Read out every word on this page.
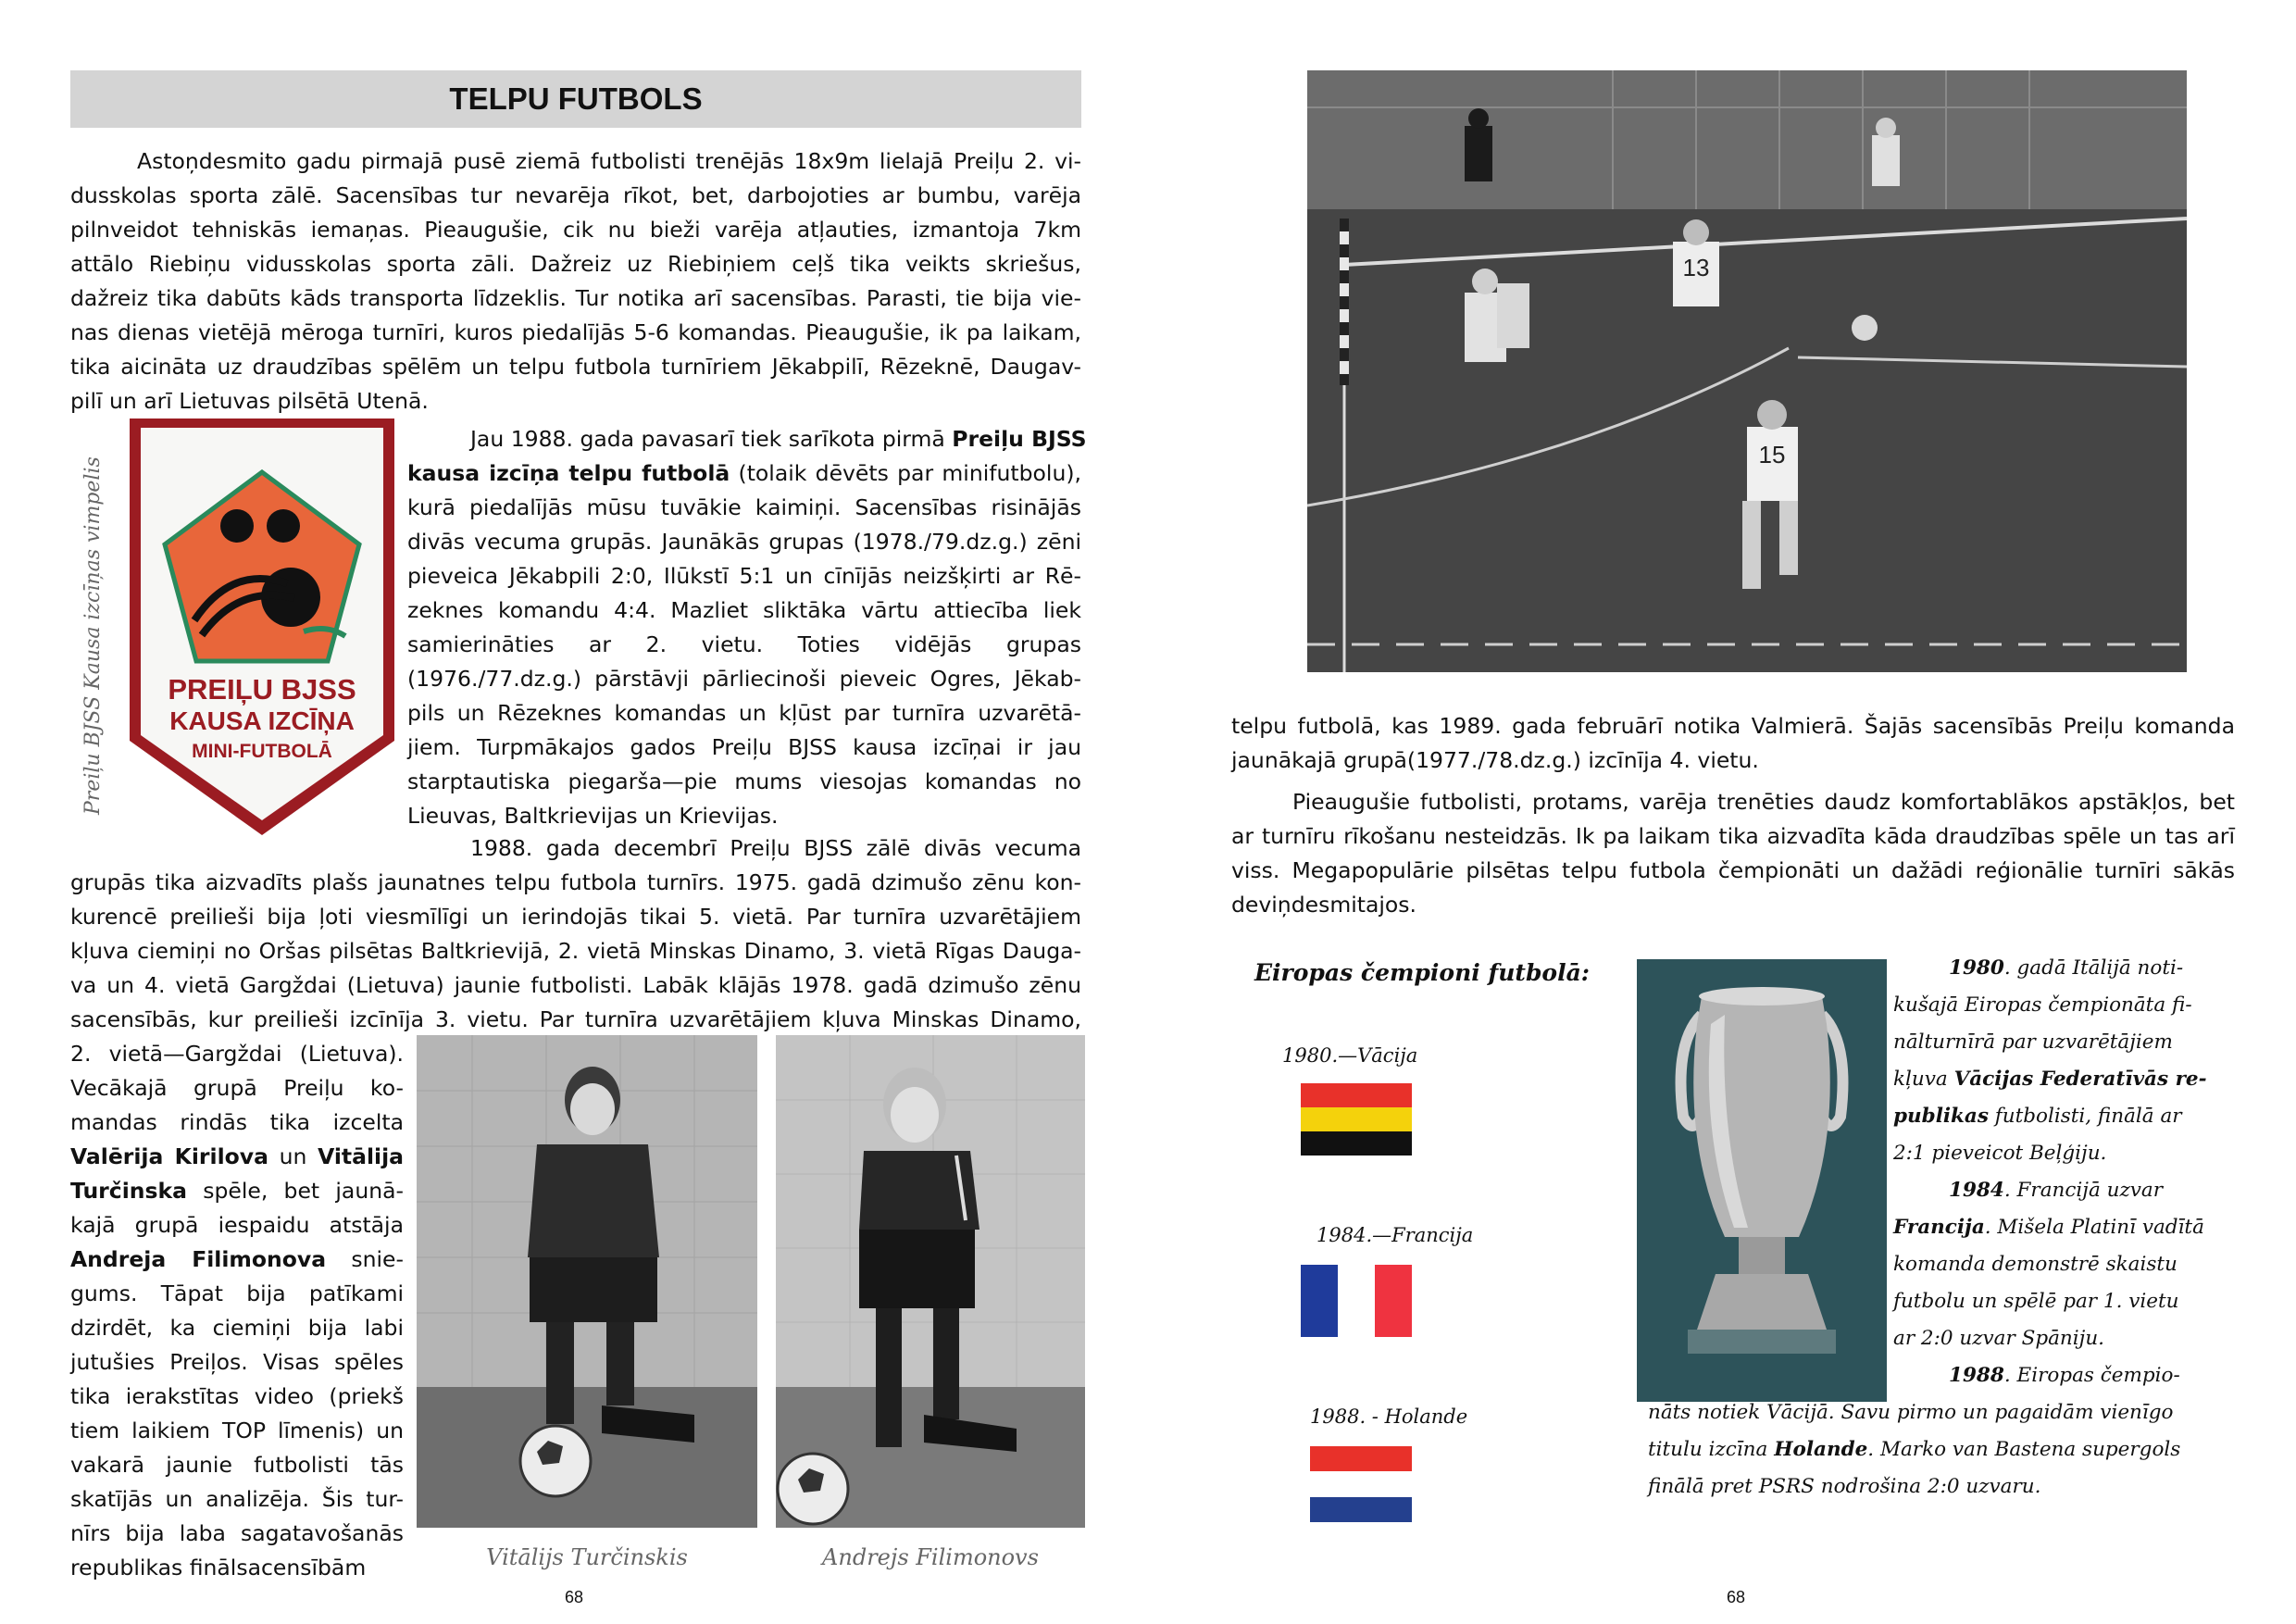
TELPU FUTBOLS
Astoņdesmito gadu pirmajā pusē ziemā futbolisti trenējās 18x9m lielajā Preiļu 2. vi-
dusskolas sporta zālē. Sacensības tur nevarēja rīkot, bet, darbojoties ar bumbu, varēja
pilnveidot tehniskās iemaņas. Pieaugušie, cik nu bieži varēja atļauties, izmantoja 7km
attālo Riebiņu vidusskolas sporta zāli. Dažreiz uz Riebiņiem ceļš tika veikts skriešus,
dažreiz tika dabūts kāds transporta līdzeklis. Tur notika arī sacensības. Parasti, tie bija vie-
nas dienas vietējā mēroga turnīri, kuros piedalījās 5-6 komandas. Pieaugušie, ik pa laikam,
tika aicināta uz draudzības spēlēm un telpu futbola turnīriem Jēkabpilī, Rēzeknē, Daugav-
pilī un arī Lietuvas pilsētā Utenā.
Preiļu BJSS Kausa izcīņas vimpelis PREIĻU BJSS
KAUSA IZCĪŅA
MINI-FUTBOLĀ
Jau 1988. gada pavasarī tiek sarīkota pirmā Preiļu BJSS
kausa izcīņa telpu futbolā (tolaik dēvēts par minifutbolu),
kurā piedalījās mūsu tuvākie kaimiņi. Sacensības risinājās
divās vecuma grupās. Jaunākās grupas (1978./79.dz.g.) zēni
pieveica Jēkabpili 2:0, Ilūkstī 5:1 un cīnījās neizšķirti ar Rē-
zeknes komandu 4:4. Mazliet sliktāka vārtu attiecība liek
samierināties ar 2. vietu. Toties vidējās grupas
(1976./77.dz.g.) pārstāvji pārliecinoši pieveic Ogres, Jēkab-
pils un Rēzeknes komandas un kļūst par turnīra uzvarētā-
jiem. Turpmākajos gados Preiļu BJSS kausa izcīņai ir jau
starptautiska piegarša—pie mums viesojas komandas no
Lieuvas, Baltkrievijas un Krievijas.
1988. gada decembrī Preiļu BJSS zālē divās vecuma
grupās tika aizvadīts plašs jaunatnes telpu futbola turnīrs. 1975. gadā dzimušo zēnu kon-
kurencē preilieši bija ļoti viesmīlīgi un ierindojās tikai 5. vietā. Par turnīra uzvarētājiem
kļuva ciemiņi no Oršas pilsētas Baltkrievijā, 2. vietā Minskas Dinamo, 3. vietā Rīgas Dauga-
va un 4. vietā Gargždai (Lietuva) jaunie futbolisti. Labāk klājās 1978. gadā dzimušo zēnu
sacensībās, kur preilieši izcīnīja 3. vietu. Par turnīra uzvarētājiem kļuva Minskas Dinamo,
2. vietā—Gargždai (Lietuva).
Vecākajā grupā Preiļu ko-
mandas rindās tika izcelta
Valērija Kirilova un Vitālija
Turčinska spēle, bet jaunā-
kajā grupā iespaidu atstāja
Andreja Filimonova snie-
gums. Tāpat bija patīkami
dzirdēt, ka ciemiņi bija labi
jutušies Preiļos. Visas spēles
tika ierakstītas video (priekš
tiem laikiem TOP līmenis) un
vakarā jaunie futbolisti tās
skatījās un analizēja. Šis tur-
nīrs bija laba sagatavošanās
republikas finālsacensībām	Vitālijs Turčinskis	Andrejs Filimonovs
68
13
15
telpu futbolā, kas 1989. gada februārī notika Valmierā. Šajās sacensībās Preiļu komanda
jaunākajā grupā(1977./78.dz.g.) izcīnīja 4. vietu.
Pieaugušie futbolisti, protams, varēja trenēties daudz komfortablākos apstākļos, bet
ar turnīru rīkošanu nesteidzās. Ik pa laikam tika aizvadīta kāda draudzības spēle un tas arī
viss. Megapopulārie pilsētas telpu futbola čempionāti un dažādi reģionālie turnīri sākās
deviņdesmitajos.
Eiropas čempioni futbolā:
1980.—Vācija
1984.—Francija
1988. - Holande
1980. gadā Itālijā noti-
kušajā Eiropas čempionāta fi-
nālturnīrā par uzvarētājiem
kļuva Vācijas Federatīvās re-
publikas futbolisti, finālā ar
2:1 pieveicot Beļģiju.
1984. Francijā uzvar
Francija. Mišela Platinī vadītā
komanda demonstrē skaistu
futbolu un spēlē par 1. vietu
ar 2:0 uzvar Spāniju.
1988. Eiropas čempio-
nāts notiek Vācijā. Savu pirmo un pagaidām vienīgo
titulu izcīna Holande. Marko van Bastena supergols
finālā pret PSRS nodrošina 2:0 uzvaru.
68
